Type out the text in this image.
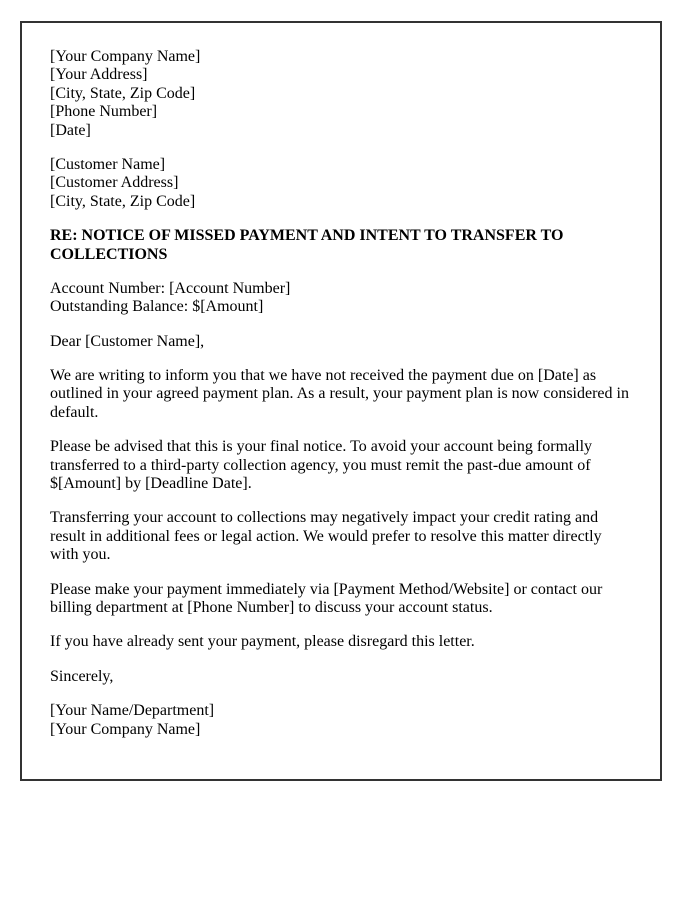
[Your Company Name]
[Your Address]
[City, State, Zip Code]
[Phone Number]
[Date]
[Customer Name]
[Customer Address]
[City, State, Zip Code]
RE: NOTICE OF MISSED PAYMENT AND INTENT TO TRANSFER TO COLLECTIONS
Account Number: [Account Number]
Outstanding Balance: $[Amount]
Dear [Customer Name],
We are writing to inform you that we have not received the payment due on [Date] as outlined in your agreed payment plan. As a result, your payment plan is now considered in default.
Please be advised that this is your final notice. To avoid your account being formally transferred to a third-party collection agency, you must remit the past-due amount of $[Amount] by [Deadline Date].
Transferring your account to collections may negatively impact your credit rating and result in additional fees or legal action. We would prefer to resolve this matter directly with you.
Please make your payment immediately via [Payment Method/Website] or contact our billing department at [Phone Number] to discuss your account status.
If you have already sent your payment, please disregard this letter.
Sincerely,
[Your Name/Department]
[Your Company Name]
